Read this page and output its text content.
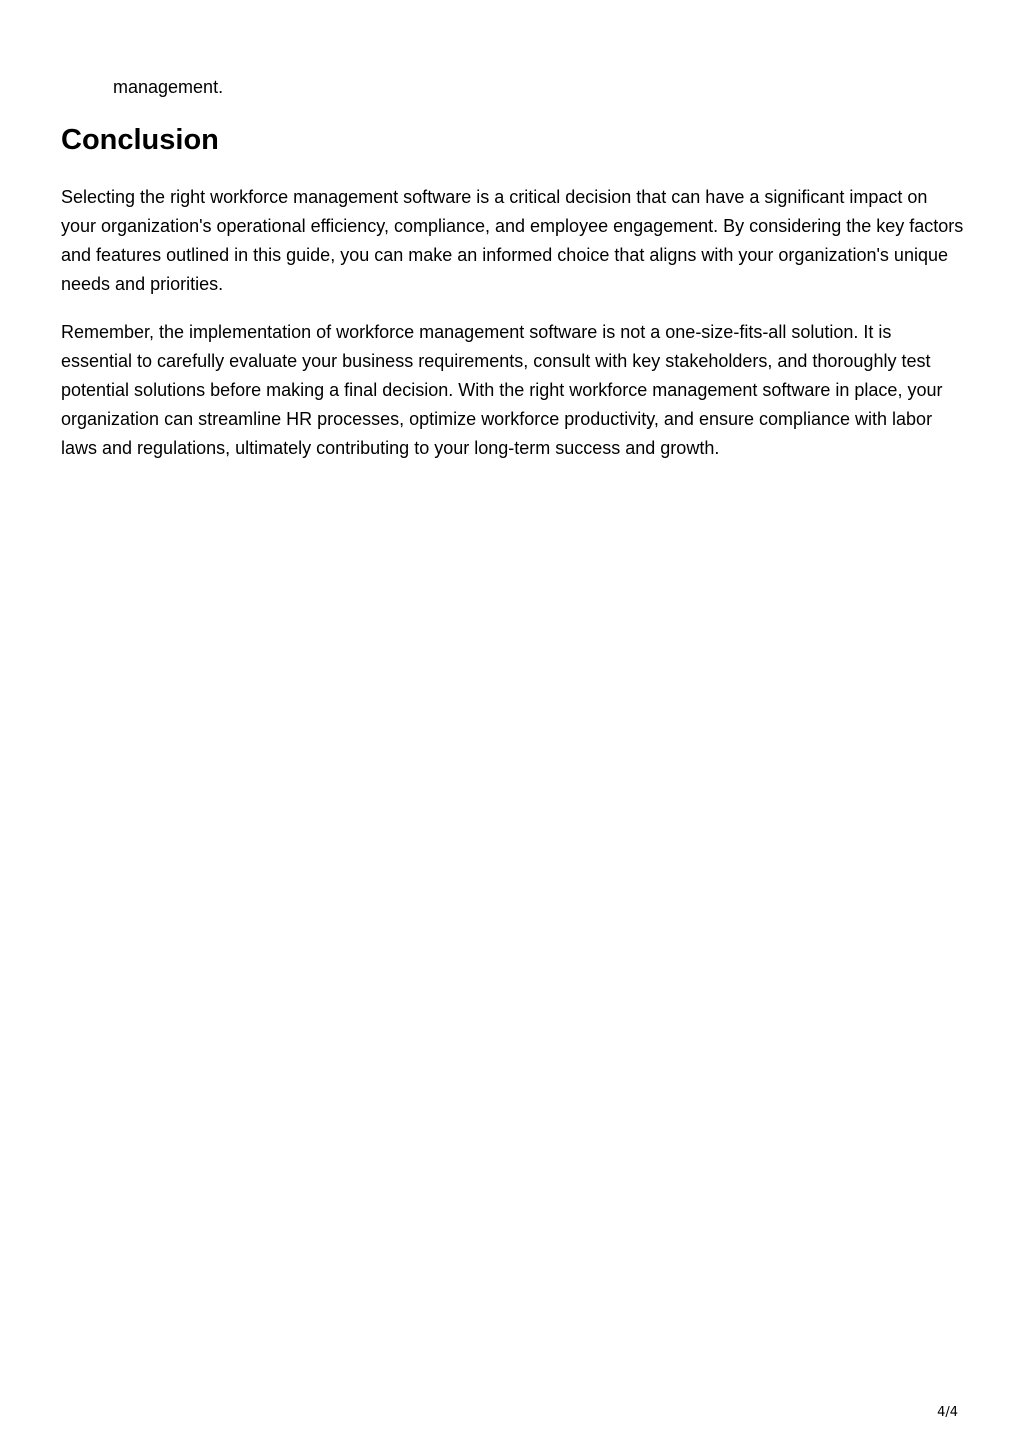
management.

Conclusion

Selecting the right workforce management software is a critical decision that can have a significant impact on your organization's operational efficiency, compliance, and employee engagement. By considering the key factors and features outlined in this guide, you can make an informed choice that aligns with your organization's unique needs and priorities.

Remember, the implementation of workforce management software is not a one-size-fits-all solution. It is essential to carefully evaluate your business requirements, consult with key stakeholders, and thoroughly test potential solutions before making a final decision. With the right workforce management software in place, your organization can streamline HR processes, optimize workforce productivity, and ensure compliance with labor laws and regulations, ultimately contributing to your long-term success and growth.

4/4
